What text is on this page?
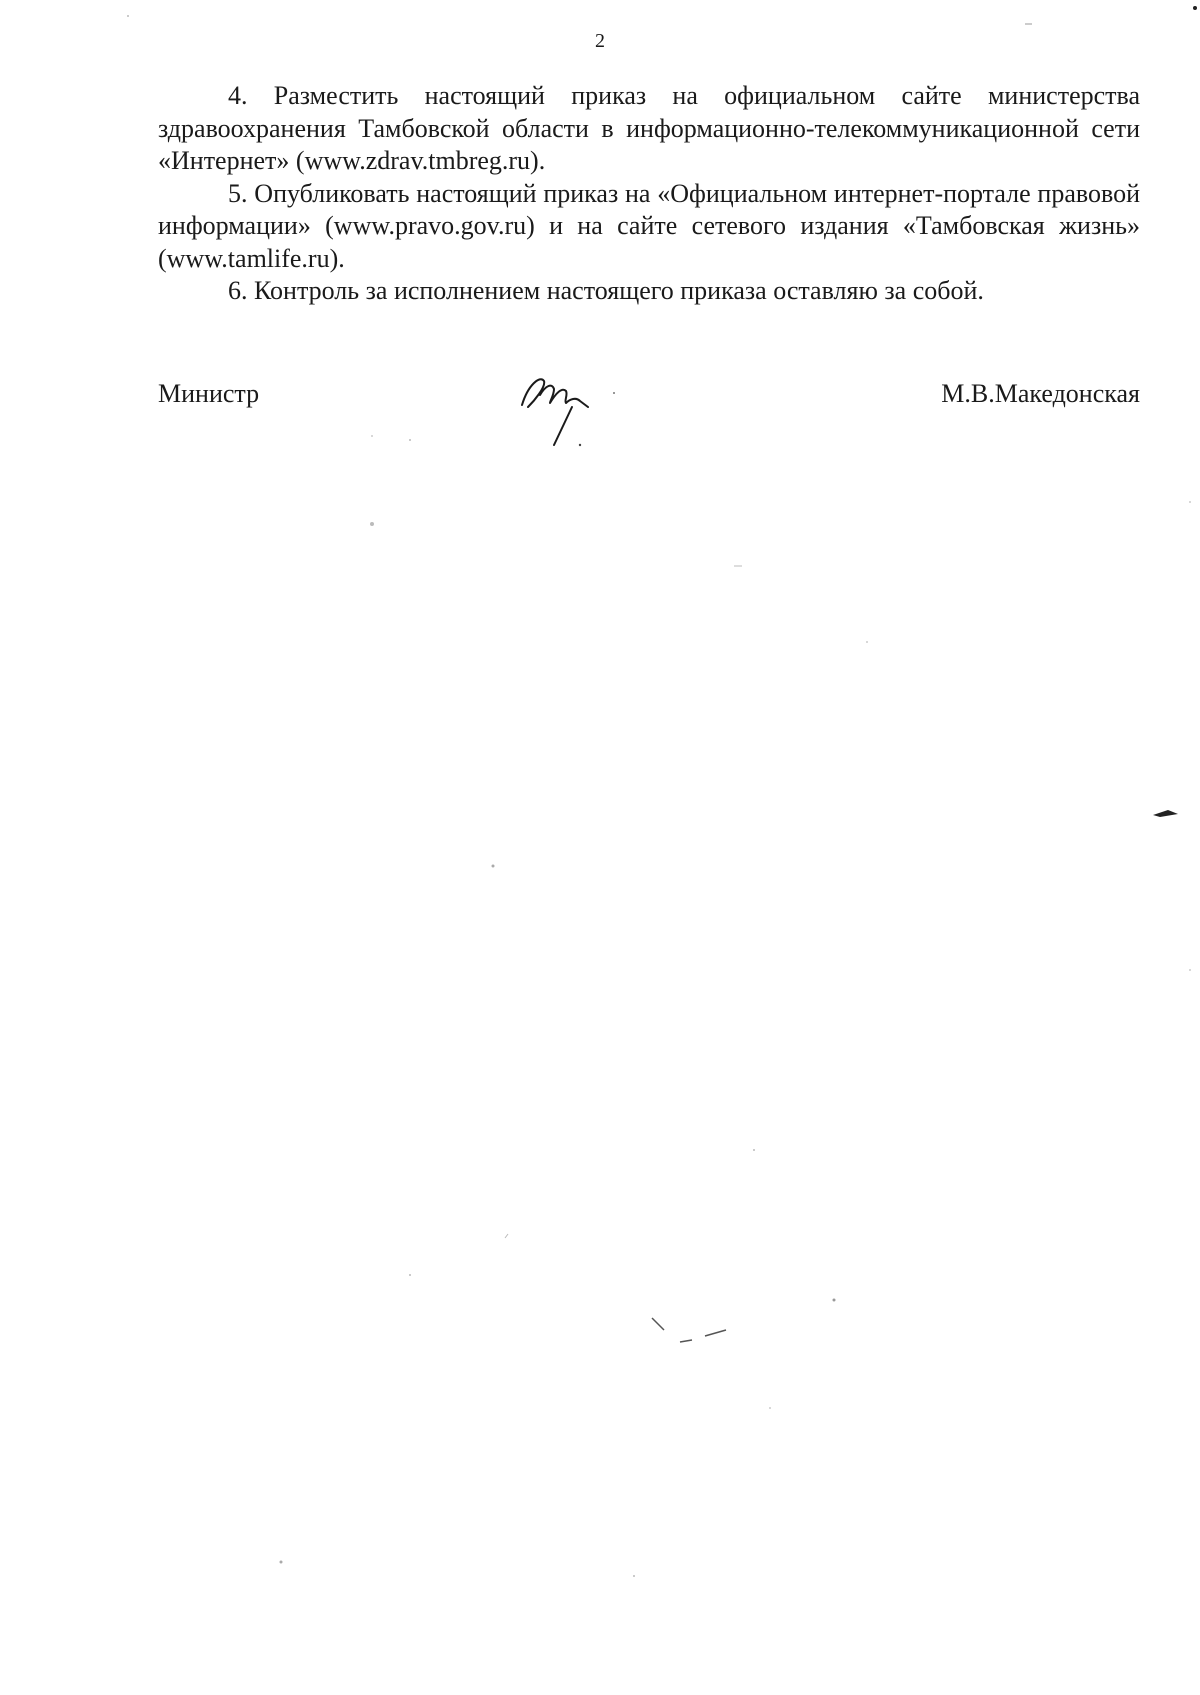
2

4. Разместить настоящий приказ на официальном сайте министерства здравоохранения Тамбовской области в информационно-телекоммуникационной сети «Интернет» (www.zdrav.tmbreg.ru).

5. Опубликовать настоящий приказ на «Официальном интернет-портале правовой информации» (www.pravo.gov.ru) и на сайте сетевого издания «Тамбовская жизнь» (www.tamlife.ru).

6. Контроль за исполнением настоящего приказа оставляю за собой.

Министр	М.В.Македонская
